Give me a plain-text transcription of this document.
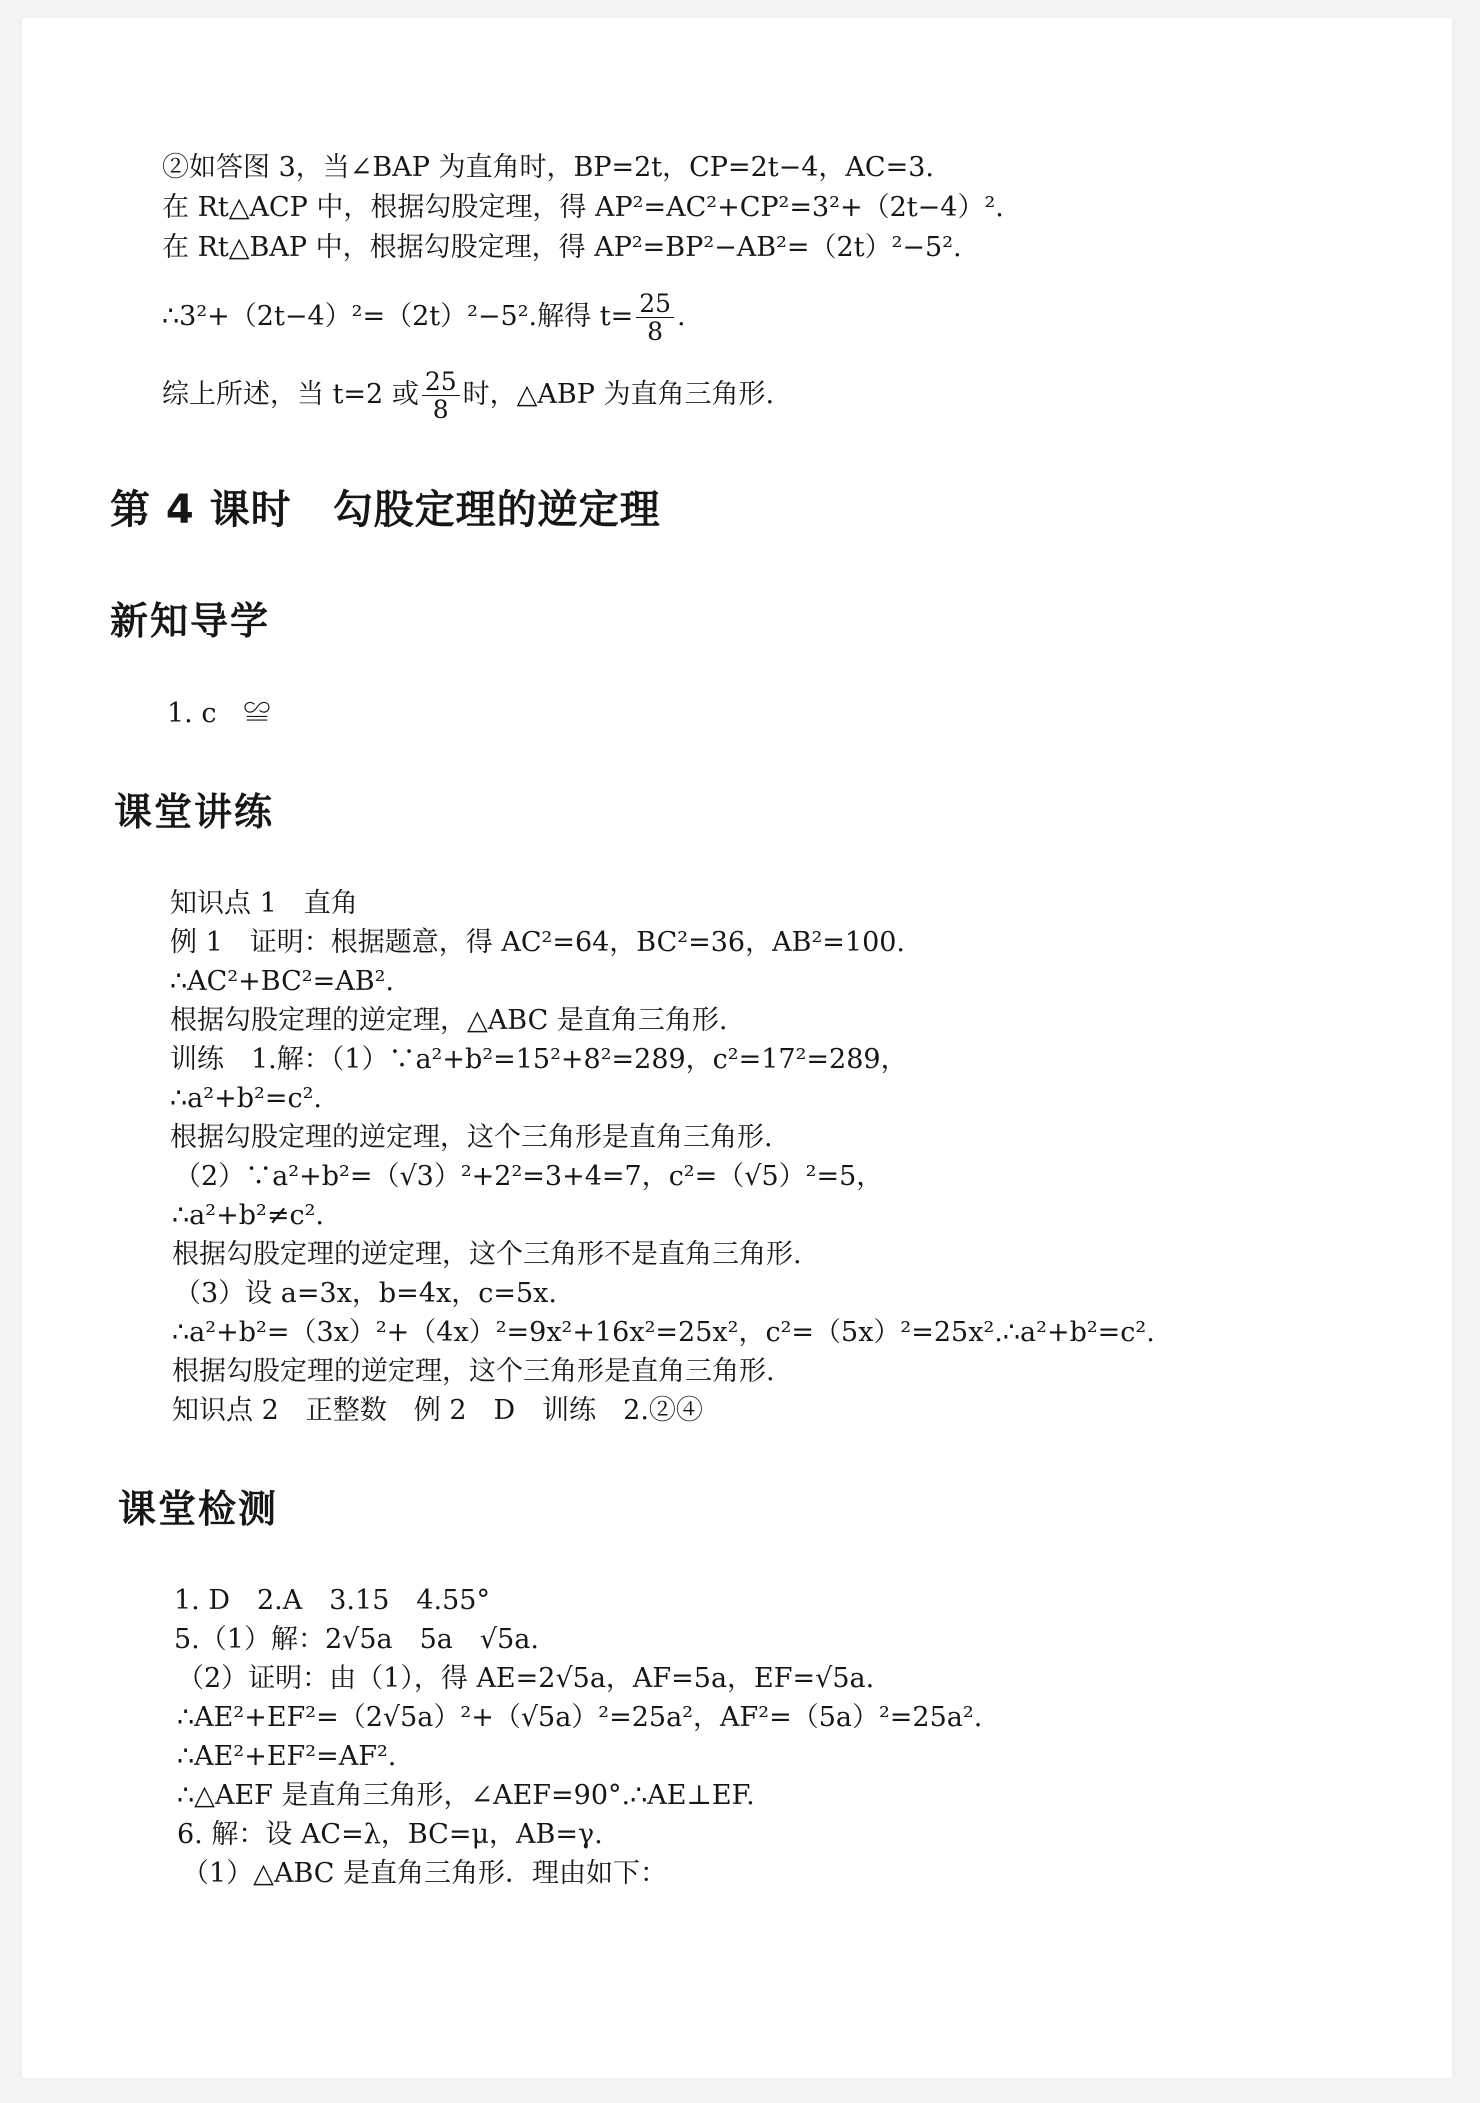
②如答图 3，当∠BAP 为直角时，BP=2t，CP=2t−4，AC=3.
在 Rt△ACP 中，根据勾股定理，得 AP²=AC²+CP²=3²+（2t−4）².
在 Rt△BAP 中，根据勾股定理，得 AP²=BP²−AB²=（2t）²−5².
∴3²+（2t−4）²=（2t）²−5².解得 $t= \frac{25}{8}$ .
综上所述，当 t=2 或 $\frac{25}{8}$ 时，△ABP 为直角三角形.
第 4 课时　勾股定理的逆定理
新知导学
1. c　≌
课堂讲练
知识点 1　直角
例 1　证明：根据题意，得 AC²=64，BC²=36，AB²=100.
∴AC²+BC²=AB².
根据勾股定理的逆定理，△ABC 是直角三角形.
训练　1.解：（1）∵a²+b²=15²+8²=289，c²=17²=289，
∴a²+b²=c².
根据勾股定理的逆定理，这个三角形是直角三角形.
（2）∵a²+b²=（√3）²+2²=3+4=7，c²=（√5）²=5，
∴a²+b²≠c².
根据勾股定理的逆定理，这个三角形不是直角三角形.
（3）设 a=3x，b=4x，c=5x.
∴a²+b²=（3x）²+（4x）²=9x²+16x²=25x²，c²=（5x）²=25x².∴a²+b²=c².
根据勾股定理的逆定理，这个三角形是直角三角形.
知识点 2　正整数　例 2　D　训练　2.②④
课堂检测
1. D　2.A　3.15　4.55°
5.（1）解：2√5a　5a　√5a.
（2）证明：由（1），得 AE=2√5a，AF=5a，EF=√5a.
∴AE²+EF²=（2√5a）²+（√5a）²=25a²，AF²=（5a）²=25a².
∴AE²+EF²=AF².
∴△AEF 是直角三角形，∠AEF=90°.∴AE⊥EF.
6. 解：设 AC=λ，BC=μ，AB=γ.
（1）△ABC 是直角三角形．理由如下：
